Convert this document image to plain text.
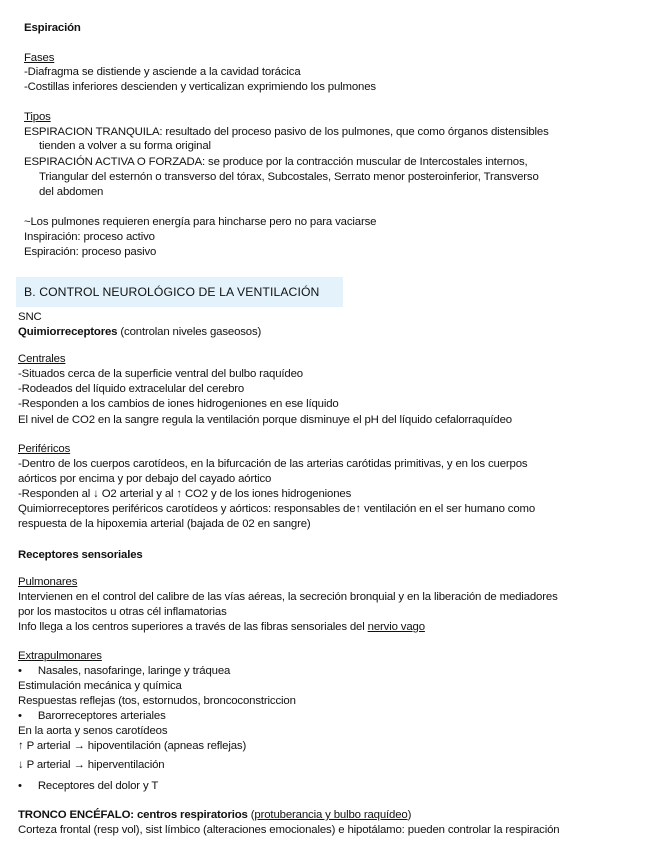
Espiración
Fases
-Diafragma se distiende y asciende a la cavidad torácica
-Costillas inferiores descienden y verticalizan exprimiendo los pulmones
Tipos
ESPIRACION TRANQUILA: resultado del proceso pasivo de los pulmones, que como órganos distensibles
tienden a volver a su forma original
ESPIRACIÓN ACTIVA O FORZADA: se produce por la contracción muscular de Intercostales internos,
Triangular del esternón o transverso del tórax, Subcostales, Serrato menor posteroinferior, Transverso
del abdomen
~Los pulmones requieren energía para hincharse pero no para vaciarse
Inspiración: proceso activo
Espiración: proceso pasivo
B. CONTROL NEUROLÓGICO DE LA VENTILACIÓN
SNC
Quimiorreceptores (controlan niveles gaseosos)
Centrales
-Situados cerca de la superficie ventral del bulbo raquídeo
-Rodeados del líquido extracelular del cerebro
-Responden a los cambios de iones hidrogeniones en ese líquido
El nivel de CO2 en la sangre regula la ventilación porque disminuye el pH del líquido cefalorraquídeo
Periféricos
-Dentro de los cuerpos carotídeos, en la bifurcación de las arterias carótidas primitivas, y en los cuerpos
aórticos por encima y por debajo del cayado aórtico
-Responden al ↓ O2 arterial y al ↑ CO2 y de los iones hidrogeniones
Quimiorreceptores periféricos carotídeos y aórticos: responsables de↑ ventilación en el ser humano como
respuesta de la hipoxemia arterial (bajada de 02 en sangre)
Receptores sensoriales
Pulmonares
Intervienen en el control del calibre de las vías aéreas, la secreción bronquial y en la liberación de mediadores
por los mastocitos u otras cél inflamatorias
Info llega a los centros superiores a través de las fibras sensoriales del nervio vago
Extrapulmonares
• Nasales, nasofaringe, laringe y tráquea
Estimulación mecánica y química
Respuestas reflejas (tos, estornudos, broncoconstriccion
• Barorreceptores arteriales
En la aorta y senos carotídeos
↑ P arterial → hipoventilación (apneas reflejas)
↓ P arterial → hiperventilación
• Receptores del dolor y T
TRONCO ENCÉFALO: centros respiratorios (protuberancia y bulbo raquídeo)
Corteza frontal (resp vol), sist límbico (alteraciones emocionales) e hipotálamo: pueden controlar la respiración
